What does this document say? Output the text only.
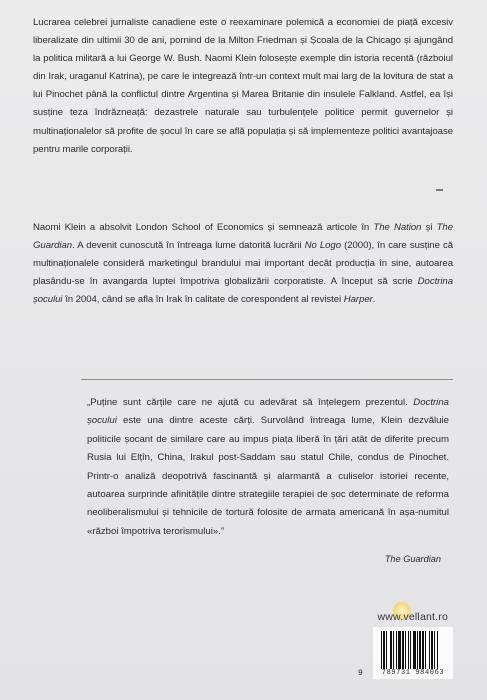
Lucrarea celebrei jurnaliste canadiene este o reexaminare polemică a economiei de piață excesiv liberalizate din ultimii 30 de ani, pornind de la Milton Friedman și Școala de la Chicago și ajungând la politica militară a lui George W. Bush. Naomi Klein folosește exemple din istoria recentă (războiul din Irak, uraganul Katrina), pe care le integrează într-un context mult mai larg de la lovitura de stat a lui Pinochet până la conflictul dintre Argentina și Marea Britanie din insulele Falkland. Astfel, ea își susține teza îndrăzneață: dezastrele naturale sau turbulențele politice permit guvernelor și multinaționalelor să profite de șocul în care se află populația și să implementeze politici avantajoase pentru marile corporații.

Naomi Klein a absolvit London School of Economics și semnează articole în The Nation și The Guardian. A devenit cunoscută în întreaga lume datorită lucrării No Logo (2000), în care susține că multinaționalele consideră marketingul brandului mai important decât producția în sine, autoarea plasându-se în avangarda luptei împotriva globalizării corporatiste. A început să scrie Doctrina șocului în 2004, când se afla în Irak în calitate de corespondent al revistei Harper.

„Puține sunt cărțile care ne ajută cu adevărat să înțelegem prezentul. Doctrina șocului este una dintre aceste cărți. Survolând întreaga lume, Klein dezvăluie politicile șocant de similare care au impus piața liberă în țări atât de diferite precum Rusia lui Elțîn, China, Irakul post-Saddam sau statul Chile, condus de Pinochet. Printr-o analiză deopotrivă fascinantă și alarmantă a culiselor istoriei recente, autoarea surprinde afinitățile dintre strategiile terapiei de șoc determinate de reforma neoliberalismului și tehnicile de tortură folosite de armata americană în așa-numitul «război împotriva terorismului».”

The Guardian

www.vellant.ro
9	789731 984063
